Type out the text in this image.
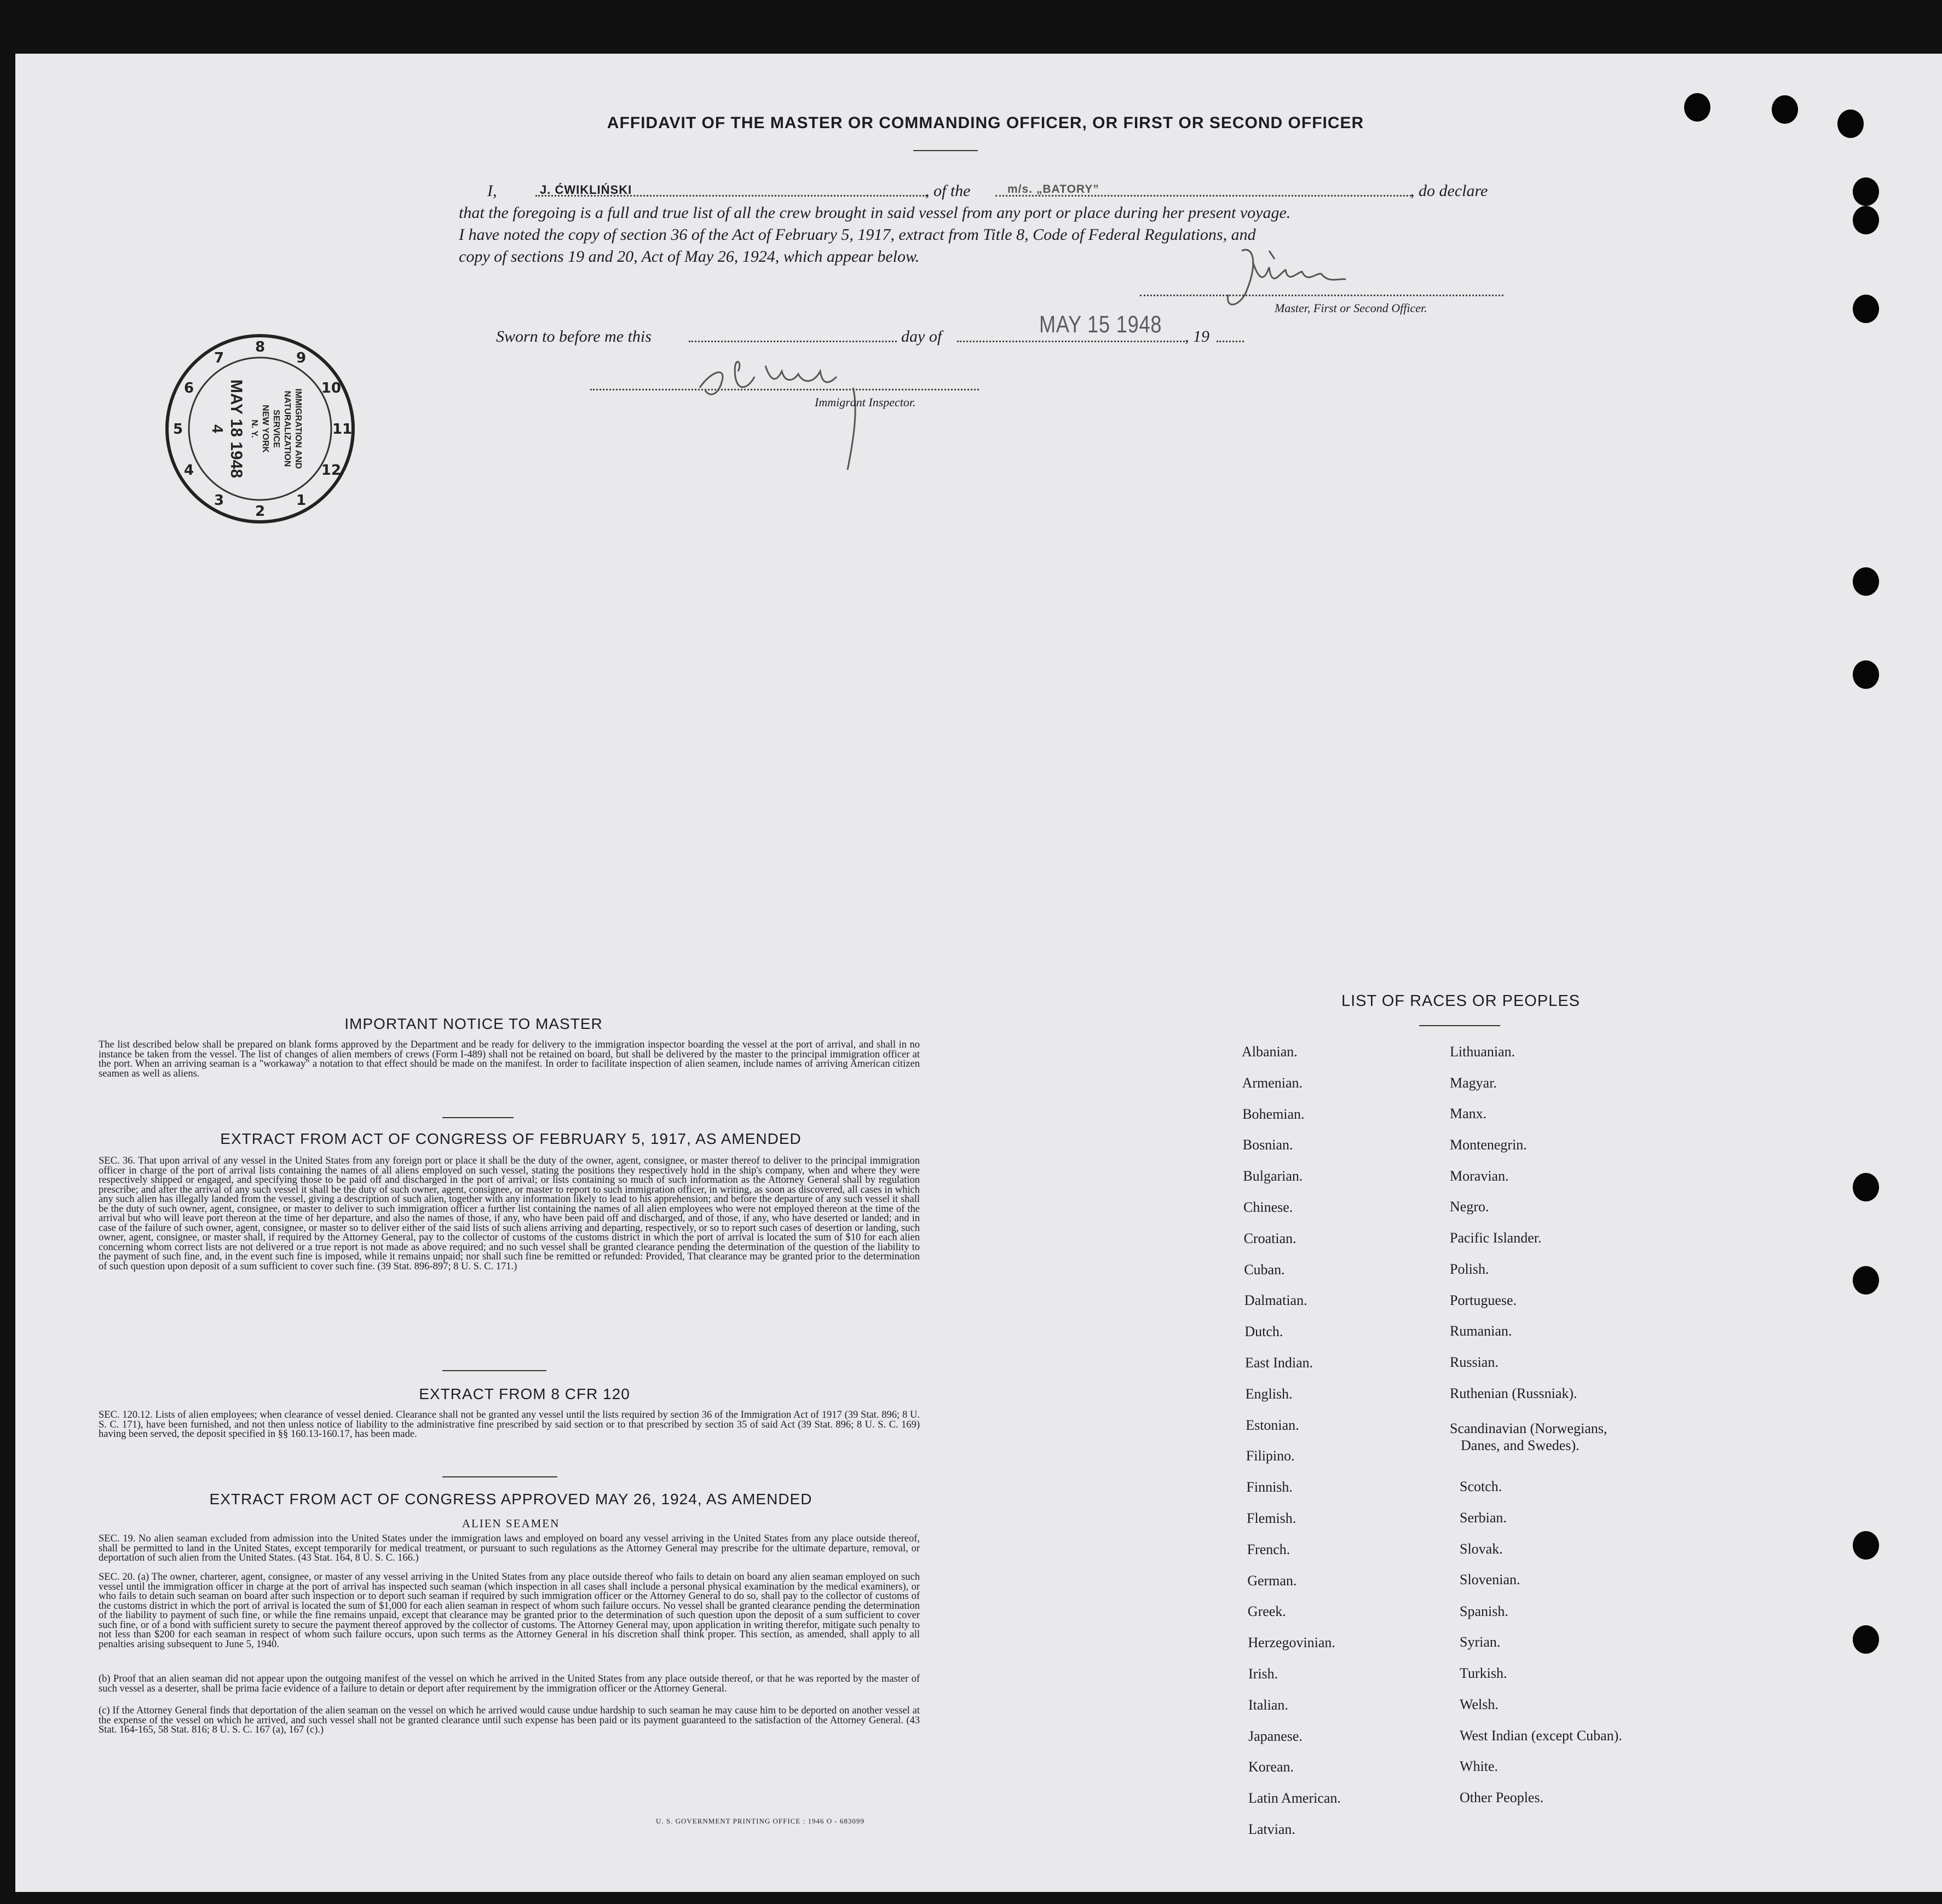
AFFIDAVIT OF THE MASTER OR COMMANDING OFFICER, OR FIRST OR SECOND OFFICER
I,	J. ĆWIKLIŃSKI	, of the	m/s. „BATORY”	, do declare
that the foregoing is a full and true list of all the crew brought in said vessel from any port or place during her present voyage.
I have noted the copy of section 36 of the Act of February 5, 1917, extract from Title 8, Code of Federal Regulations, and
copy of sections 19 and 20, Act of May 26, 1924, which appear below.
Master, First or Second Officer.
Sworn to before me this	day of	MAY 15 1948 , 19
Immigrant Inspector.
1
2
3
4
5
6
7
8
9
10
11
12
IMMIGRATION AND
NATURALIZATION
SERVICE
NEW YORK
N. Y.
MAY 18 1948
4
IMPORTANT NOTICE TO MASTER
The list described below shall be prepared on blank forms approved by the Department and be ready for delivery to the immigration inspector boarding the vessel at the port of arrival, and shall in no instance be taken from the vessel. The list of changes of alien members of crews (Form I-489) shall not be retained on board, but shall be delivered by the master to the principal immigration officer at the port. When an arriving seaman is a "workaway" a notation to that effect should be made on the manifest. In order to facilitate inspection of alien seamen, include names of arriving American citizen seamen as well as aliens.
EXTRACT FROM ACT OF CONGRESS OF FEBRUARY 5, 1917, AS AMENDED
SEC. 36. That upon arrival of any vessel in the United States from any foreign port or place it shall be the duty of the owner, agent, consignee, or master thereof to deliver to the principal immigration officer in charge of the port of arrival lists containing the names of all aliens employed on such vessel, stating the positions they respectively hold in the ship's company, when and where they were respectively shipped or engaged, and specifying those to be paid off and discharged in the port of arrival; or lists containing so much of such information as the Attorney General shall by regulation prescribe; and after the arrival of any such vessel it shall be the duty of such owner, agent, consignee, or master to report to such immigration officer, in writing, as soon as discovered, all cases in which any such alien has illegally landed from the vessel, giving a description of such alien, together with any information likely to lead to his apprehension; and before the departure of any such vessel it shall be the duty of such owner, agent, consignee, or master to deliver to such immigration officer a further list containing the names of all alien employees who were not employed thereon at the time of the arrival but who will leave port thereon at the time of her departure, and also the names of those, if any, who have been paid off and discharged, and of those, if any, who have deserted or landed; and in case of the failure of such owner, agent, consignee, or master so to deliver either of the said lists of such aliens arriving and departing, respectively, or so to report such cases of desertion or landing, such owner, agent, consignee, or master shall, if required by the Attorney General, pay to the collector of customs of the customs district in which the port of arrival is located the sum of $10 for each alien concerning whom correct lists are not delivered or a true report is not made as above required; and no such vessel shall be granted clearance pending the determination of the question of the liability to the payment of such fine, and, in the event such fine is imposed, while it remains unpaid; nor shall such fine be remitted or refunded: Provided, That clearance may be granted prior to the determination of such question upon deposit of a sum sufficient to cover such fine. (39 Stat. 896-897; 8 U. S. C. 171.)
EXTRACT FROM 8 CFR 120
SEC. 120.12. Lists of alien employees; when clearance of vessel denied. Clearance shall not be granted any vessel until the lists required by section 36 of the Immigration Act of 1917 (39 Stat. 896; 8 U. S. C. 171), have been furnished, and not then unless notice of liability to the administrative fine prescribed by said section or to that prescribed by section 35 of said Act (39 Stat. 896; 8 U. S. C. 169) having been served, the deposit specified in §§ 160.13-160.17, has been made.
EXTRACT FROM ACT OF CONGRESS APPROVED MAY 26, 1924, AS AMENDED
ALIEN SEAMEN
SEC. 19. No alien seaman excluded from admission into the United States under the immigration laws and employed on board any vessel arriving in the United States from any place outside thereof, shall be permitted to land in the United States, except temporarily for medical treatment, or pursuant to such regulations as the Attorney General may prescribe for the ultimate departure, removal, or deportation of such alien from the United States. (43 Stat. 164, 8 U. S. C. 166.)
SEC. 20. (a) The owner, charterer, agent, consignee, or master of any vessel arriving in the United States from any place outside thereof who fails to detain on board any alien seaman employed on such vessel until the immigration officer in charge at the port of arrival has inspected such seaman (which inspection in all cases shall include a personal physical examination by the medical examiners), or who fails to detain such seaman on board after such inspection or to deport such seaman if required by such immigration officer or the Attorney General to do so, shall pay to the collector of customs of the customs district in which the port of arrival is located the sum of $1,000 for each alien seaman in respect of whom such failure occurs. No vessel shall be granted clearance pending the determination of the liability to payment of such fine, or while the fine remains unpaid, except that clearance may be granted prior to the determination of such question upon the deposit of a sum sufficient to cover such fine, or of a bond with sufficient surety to secure the payment thereof approved by the collector of customs. The Attorney General may, upon application in writing therefor, mitigate such penalty to not less than $200 for each seaman in respect of whom such failure occurs, upon such terms as the Attorney General in his discretion shall think proper. This section, as amended, shall apply to all penalties arising subsequent to June 5, 1940.
(b) Proof that an alien seaman did not appear upon the outgoing manifest of the vessel on which he arrived in the United States from any place outside thereof, or that he was reported by the master of such vessel as a deserter, shall be prima facie evidence of a failure to detain or deport after requirement by the immigration officer or the Attorney General.
(c) If the Attorney General finds that deportation of the alien seaman on the vessel on which he arrived would cause undue hardship to such seaman he may cause him to be deported on another vessel at the expense of the vessel on which he arrived, and such vessel shall not be granted clearance until such expense has been paid or its payment guaranteed to the satisfaction of the Attorney General. (43 Stat. 164-165, 58 Stat. 816; 8 U. S. C. 167 (a), 167 (c).)
U. S. GOVERNMENT PRINTING OFFICE : 1946 O - 683099
LIST OF RACES OR PEOPLES
Albanian.
Armenian.
Bohemian.
Bosnian.
Bulgarian.
Chinese.
Croatian.
Cuban.
Dalmatian.
Dutch.
East Indian.
English.
Estonian.
Filipino.
Finnish.
Flemish.
French.
German.
Greek.
Herzegovinian.
Irish.
Italian.
Japanese.
Korean.
Latin American.
Latvian.
Lithuanian.
Magyar.
Manx.
Montenegrin.
Moravian.
Negro.
Pacific Islander.
Polish.
Portuguese.
Rumanian.
Russian.
Ruthenian (Russniak).
Scandinavian (Norwegians,
Danes, and Swedes).
Scotch.
Serbian.
Slovak.
Slovenian.
Spanish.
Syrian.
Turkish.
Welsh.
West Indian (except Cuban).
White.
Other Peoples.
